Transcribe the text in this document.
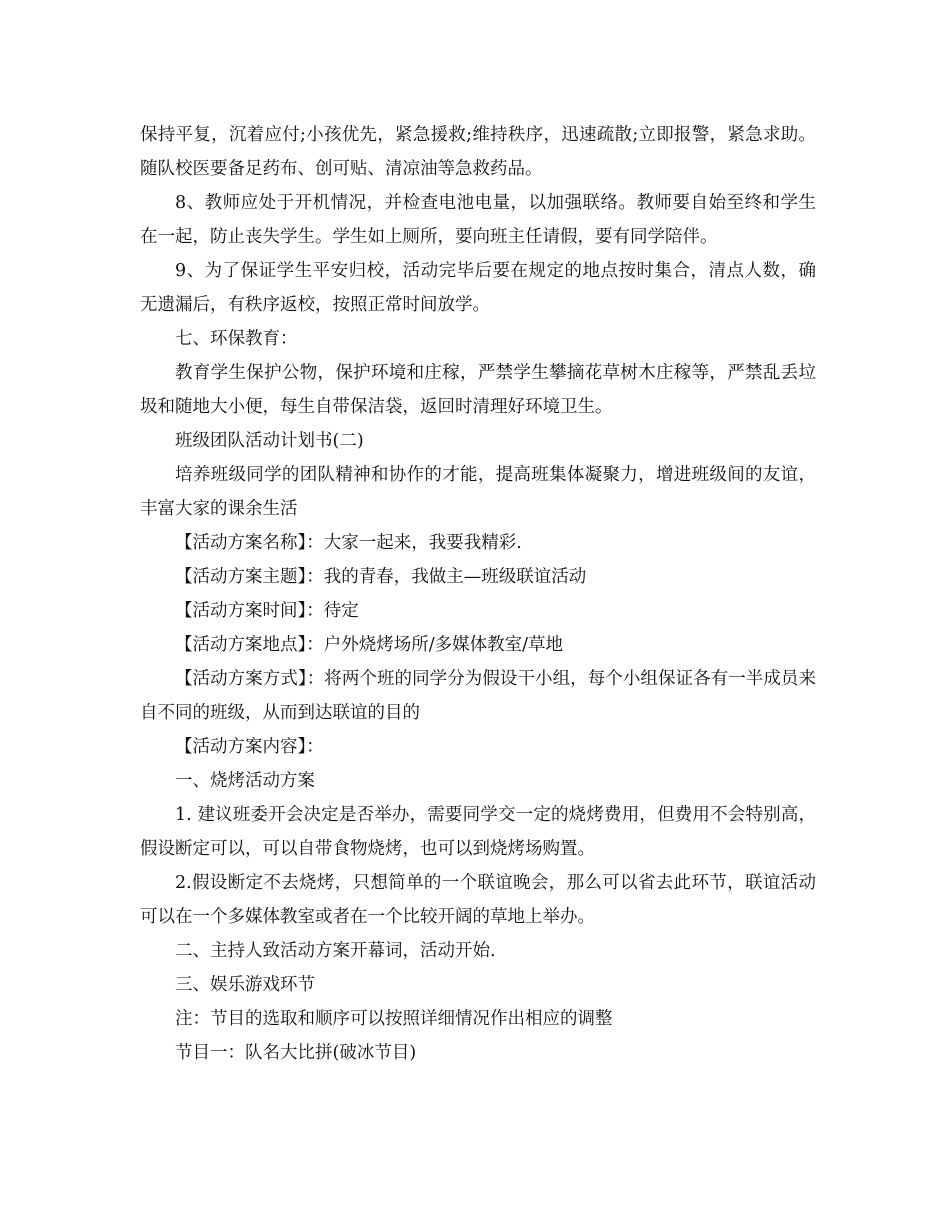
保持平复，沉着应付;小孩优先，紧急援救;维持秩序，迅速疏散;立即报警，紧急求助。随队校医要备足药布、创可贴、清凉油等急救药品。

8、教师应处于开机情况，并检查电池电量，以加强联络。教师要自始至终和学生在一起，防止丧失学生。学生如上厕所，要向班主任请假，要有同学陪伴。

9、为了保证学生平安归校，活动完毕后要在规定的地点按时集合，清点人数，确无遗漏后，有秩序返校，按照正常时间放学。

七、环保教育：

教育学生保护公物，保护环境和庄稼，严禁学生攀摘花草树木庄稼等，严禁乱丢垃圾和随地大小便，每生自带保洁袋，返回时清理好环境卫生。

班级团队活动计划书(二)

培养班级同学的团队精神和协作的才能，提高班集体凝聚力，增进班级间的友谊，丰富大家的课余生活

【活动方案名称】：大家一起来，我要我精彩.

【活动方案主题】：我的青春，我做主—班级联谊活动

【活动方案时间】：待定

【活动方案地点】：户外烧烤场所/多媒体教室/草地

【活动方案方式】：将两个班的同学分为假设干小组，每个小组保证各有一半成员来自不同的班级，从而到达联谊的目的

【活动方案内容】：

一、烧烤活动方案

1. 建议班委开会决定是否举办，需要同学交一定的烧烤费用，但费用不会特别高，假设断定可以，可以自带食物烧烤，也可以到烧烤场购置。

2.假设断定不去烧烤，只想简单的一个联谊晚会，那么可以省去此环节，联谊活动可以在一个多媒体教室或者在一个比较开阔的草地上举办。

二、主持人致活动方案开幕词，活动开始.

三、娱乐游戏环节

注：节目的选取和顺序可以按照详细情况作出相应的调整

节目一：队名大比拼(破冰节目)
